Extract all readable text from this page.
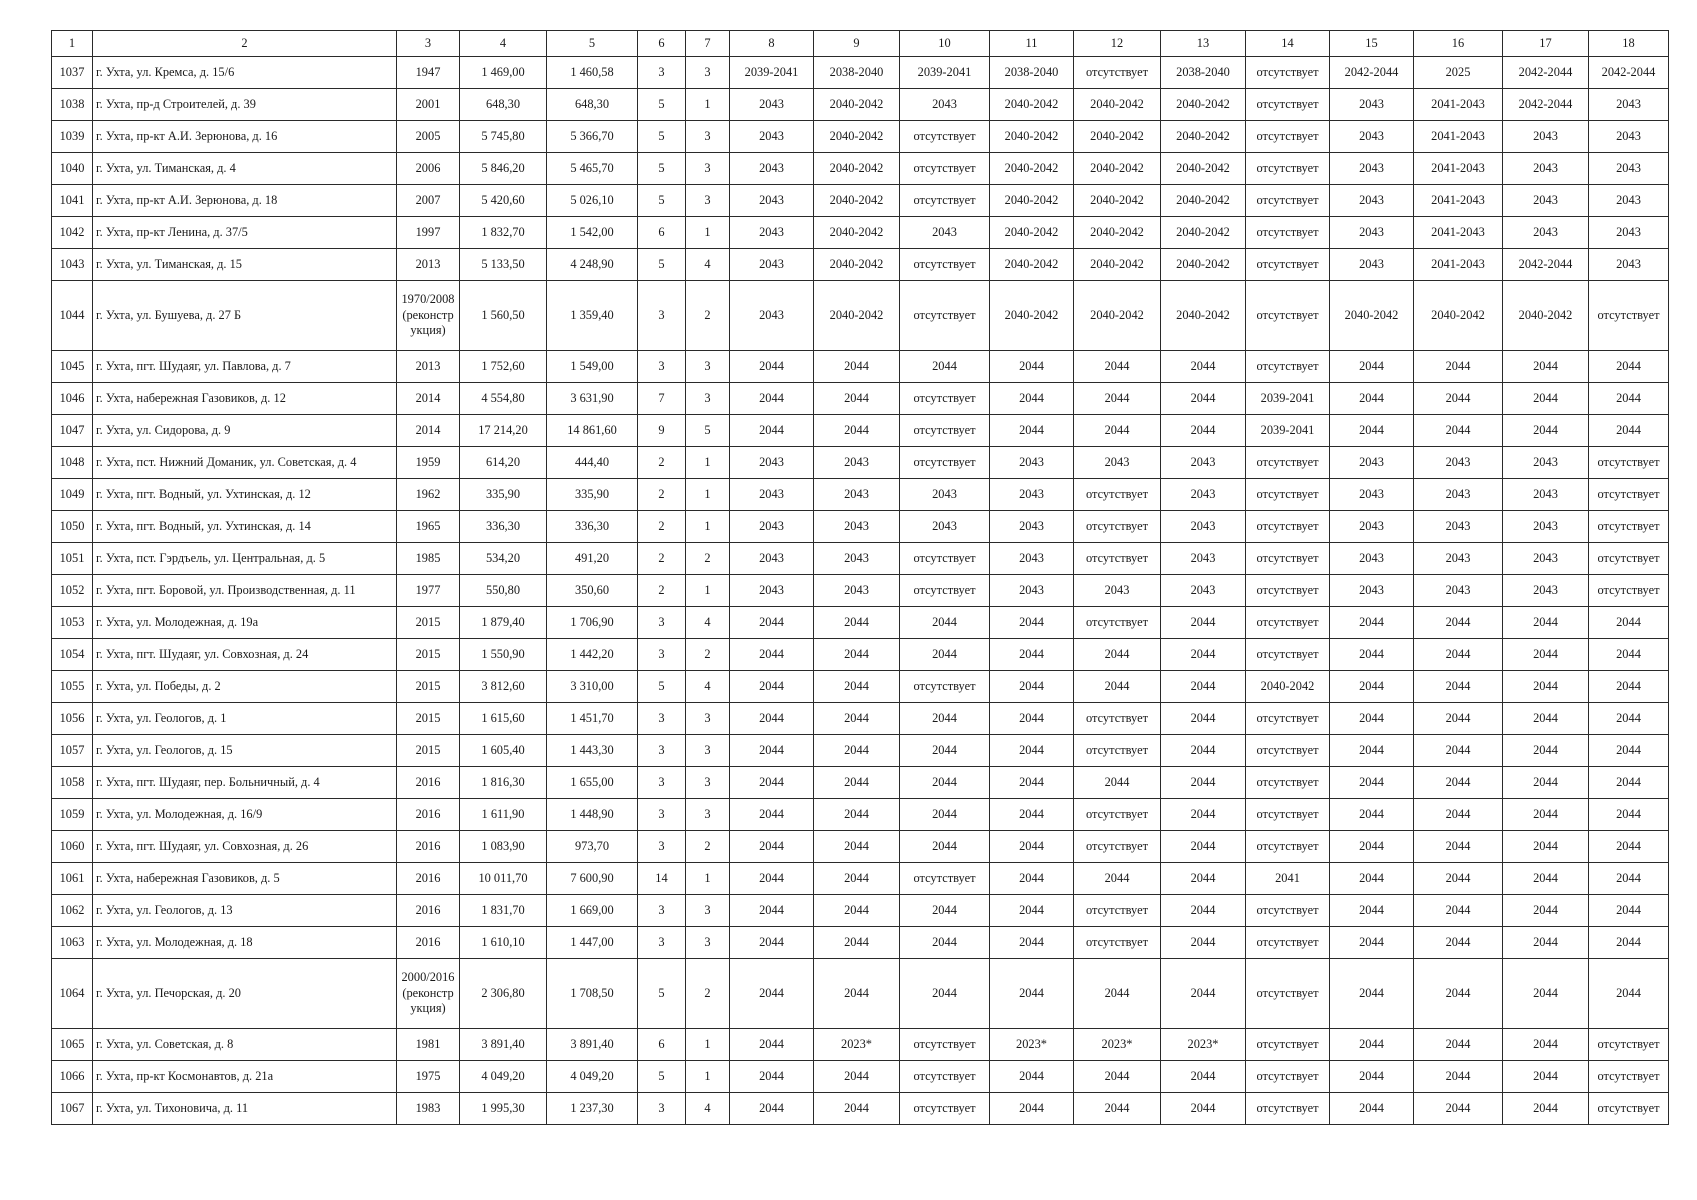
1	2	3	4	5	6	7	8	9	10	11	12	13	14	15	16	17	18
1037	г. Ухта, ул. Кремса, д. 15/6	1947	1 469,00	1 460,58	3	3	2039-2041	2038-2040	2039-2041	2038-2040	отсутствует	2038-2040	отсутствует	2042-2044	2025	2042-2044	2042-2044
1038	г. Ухта, пр-д Строителей, д. 39	2001	648,30	648,30	5	1	2043	2040-2042	2043	2040-2042	2040-2042	2040-2042	отсутствует	2043	2041-2043	2042-2044	2043
1039	г. Ухта, пр-кт А.И. Зерюнова, д. 16	2005	5 745,80	5 366,70	5	3	2043	2040-2042	отсутствует	2040-2042	2040-2042	2040-2042	отсутствует	2043	2041-2043	2043	2043
1040	г. Ухта, ул. Тиманская, д. 4	2006	5 846,20	5 465,70	5	3	2043	2040-2042	отсутствует	2040-2042	2040-2042	2040-2042	отсутствует	2043	2041-2043	2043	2043
1041	г. Ухта, пр-кт А.И. Зерюнова, д. 18	2007	5 420,60	5 026,10	5	3	2043	2040-2042	отсутствует	2040-2042	2040-2042	2040-2042	отсутствует	2043	2041-2043	2043	2043
1042	г. Ухта, пр-кт Ленина, д. 37/5	1997	1 832,70	1 542,00	6	1	2043	2040-2042	2043	2040-2042	2040-2042	2040-2042	отсутствует	2043	2041-2043	2043	2043
1043	г. Ухта, ул. Тиманская, д. 15	2013	5 133,50	4 248,90	5	4	2043	2040-2042	отсутствует	2040-2042	2040-2042	2040-2042	отсутствует	2043	2041-2043	2042-2044	2043
1044	г. Ухта, ул. Бушуева, д. 27 Б	1970/2008 (реконстр укция)	1 560,50	1 359,40	3	2	2043	2040-2042	отсутствует	2040-2042	2040-2042	2040-2042	отсутствует	2040-2042	2040-2042	2040-2042	отсутствует
1045	г. Ухта, пгт. Шудаяг, ул. Павлова, д. 7	2013	1 752,60	1 549,00	3	3	2044	2044	2044	2044	2044	2044	отсутствует	2044	2044	2044	2044
1046	г. Ухта, набережная Газовиков, д. 12	2014	4 554,80	3 631,90	7	3	2044	2044	отсутствует	2044	2044	2044	2039-2041	2044	2044	2044	2044
1047	г. Ухта, ул. Сидорова, д. 9	2014	17 214,20	14 861,60	9	5	2044	2044	отсутствует	2044	2044	2044	2039-2041	2044	2044	2044	2044
1048	г. Ухта, пст. Нижний Доманик, ул. Советская, д. 4	1959	614,20	444,40	2	1	2043	2043	отсутствует	2043	2043	2043	отсутствует	2043	2043	2043	отсутствует
1049	г. Ухта, пгт. Водный, ул. Ухтинская, д. 12	1962	335,90	335,90	2	1	2043	2043	2043	2043	отсутствует	2043	отсутствует	2043	2043	2043	отсутствует
1050	г. Ухта, пгт. Водный, ул. Ухтинская, д. 14	1965	336,30	336,30	2	1	2043	2043	2043	2043	отсутствует	2043	отсутствует	2043	2043	2043	отсутствует
1051	г. Ухта, пст. Гэрдъель, ул. Центральная, д. 5	1985	534,20	491,20	2	2	2043	2043	отсутствует	2043	отсутствует	2043	отсутствует	2043	2043	2043	отсутствует
1052	г. Ухта, пгт. Боровой, ул. Производственная, д. 11	1977	550,80	350,60	2	1	2043	2043	отсутствует	2043	2043	2043	отсутствует	2043	2043	2043	отсутствует
1053	г. Ухта, ул. Молодежная, д. 19а	2015	1 879,40	1 706,90	3	4	2044	2044	2044	2044	отсутствует	2044	отсутствует	2044	2044	2044	2044
1054	г. Ухта, пгт. Шудаяг, ул. Совхозная, д. 24	2015	1 550,90	1 442,20	3	2	2044	2044	2044	2044	2044	2044	отсутствует	2044	2044	2044	2044
1055	г. Ухта, ул. Победы, д. 2	2015	3 812,60	3 310,00	5	4	2044	2044	отсутствует	2044	2044	2044	2040-2042	2044	2044	2044	2044
1056	г. Ухта, ул. Геологов, д. 1	2015	1 615,60	1 451,70	3	3	2044	2044	2044	2044	отсутствует	2044	отсутствует	2044	2044	2044	2044
1057	г. Ухта, ул. Геологов, д. 15	2015	1 605,40	1 443,30	3	3	2044	2044	2044	2044	отсутствует	2044	отсутствует	2044	2044	2044	2044
1058	г. Ухта, пгт. Шудаяг, пер. Больничный, д. 4	2016	1 816,30	1 655,00	3	3	2044	2044	2044	2044	2044	2044	отсутствует	2044	2044	2044	2044
1059	г. Ухта, ул. Молодежная, д. 16/9	2016	1 611,90	1 448,90	3	3	2044	2044	2044	2044	отсутствует	2044	отсутствует	2044	2044	2044	2044
1060	г. Ухта, пгт. Шудаяг, ул. Совхозная, д. 26	2016	1 083,90	973,70	3	2	2044	2044	2044	2044	отсутствует	2044	отсутствует	2044	2044	2044	2044
1061	г. Ухта, набережная Газовиков, д. 5	2016	10 011,70	7 600,90	14	1	2044	2044	отсутствует	2044	2044	2044	2041	2044	2044	2044	2044
1062	г. Ухта, ул. Геологов, д. 13	2016	1 831,70	1 669,00	3	3	2044	2044	2044	2044	отсутствует	2044	отсутствует	2044	2044	2044	2044
1063	г. Ухта, ул. Молодежная, д. 18	2016	1 610,10	1 447,00	3	3	2044	2044	2044	2044	отсутствует	2044	отсутствует	2044	2044	2044	2044
1064	г. Ухта, ул. Печорская, д. 20	2000/2016 (реконстр укция)	2 306,80	1 708,50	5	2	2044	2044	2044	2044	2044	2044	отсутствует	2044	2044	2044	2044
1065	г. Ухта, ул. Советская, д. 8	1981	3 891,40	3 891,40	6	1	2044	2023*	отсутствует	2023*	2023*	2023*	отсутствует	2044	2044	2044	отсутствует
1066	г. Ухта, пр-кт Космонавтов, д. 21а	1975	4 049,20	4 049,20	5	1	2044	2044	отсутствует	2044	2044	2044	отсутствует	2044	2044	2044	отсутствует
1067	г. Ухта, ул. Тихоновича, д. 11	1983	1 995,30	1 237,30	3	4	2044	2044	отсутствует	2044	2044	2044	отсутствует	2044	2044	2044	отсутствует
